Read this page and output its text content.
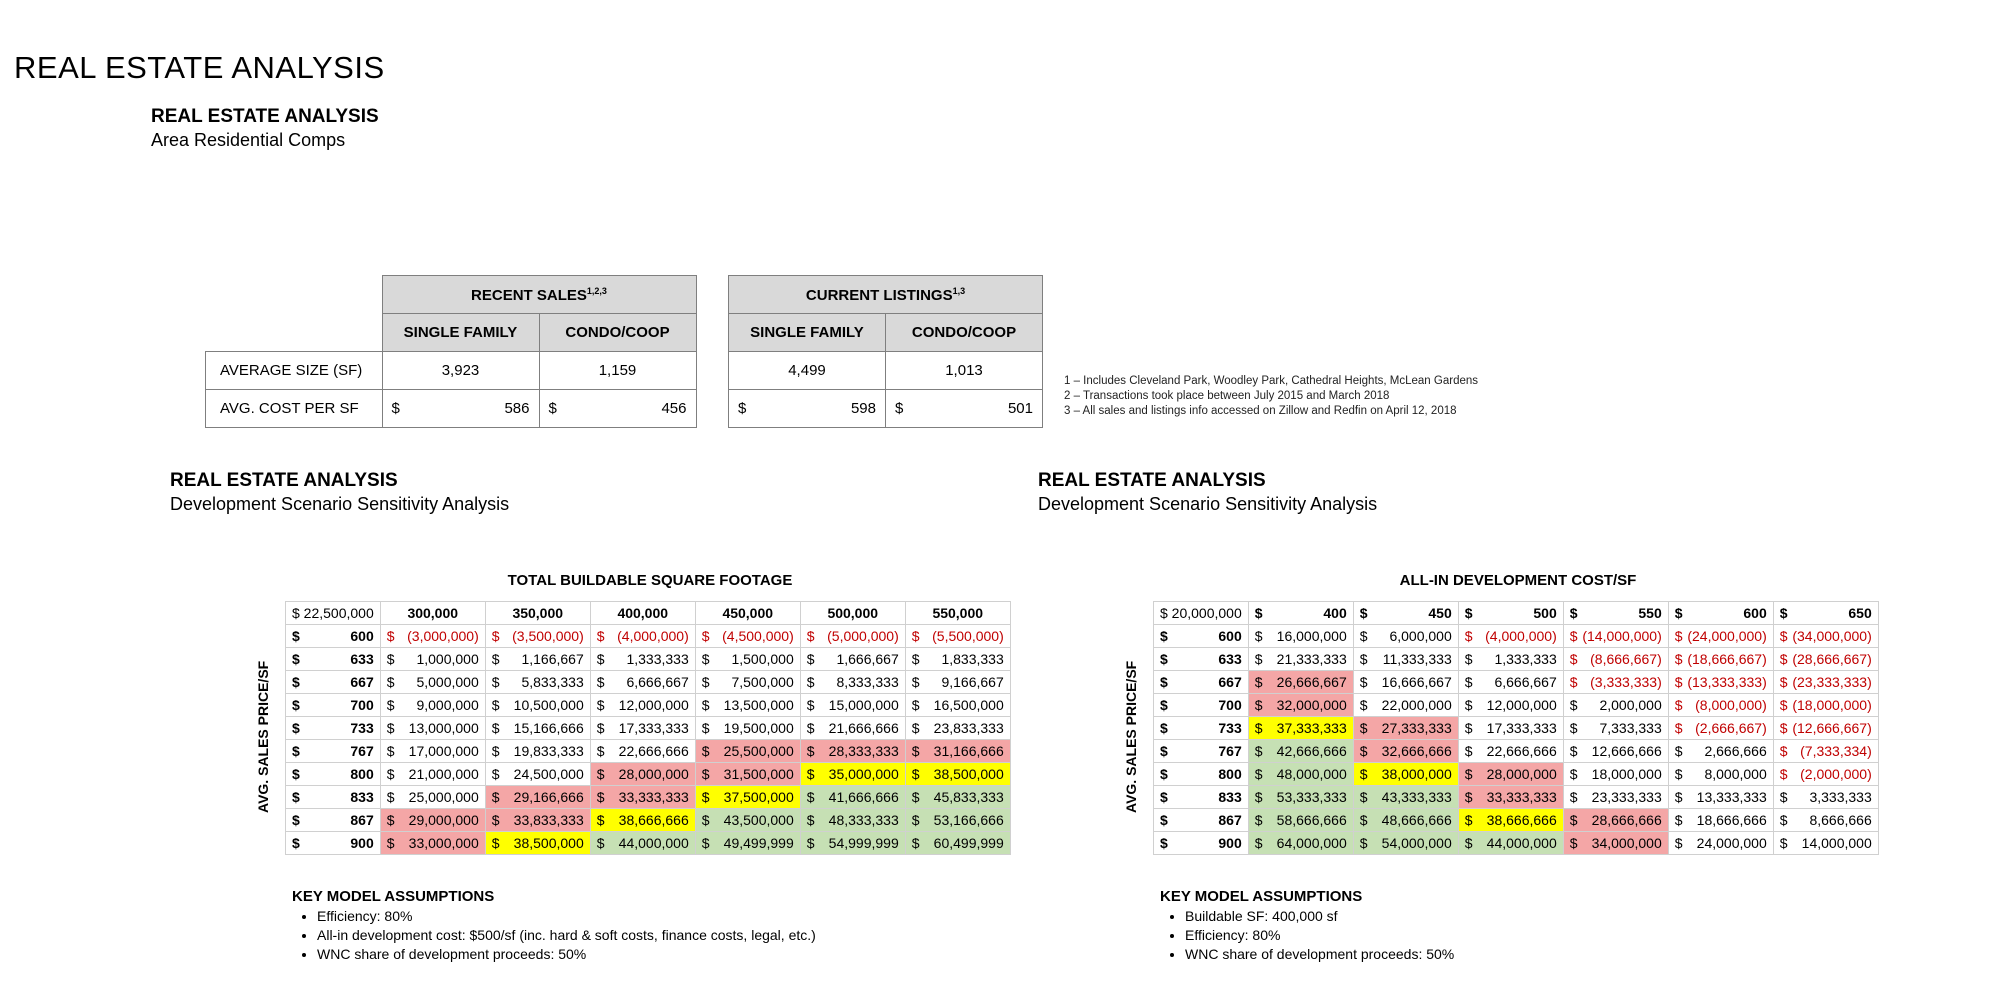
REAL ESTATE ANALYSIS
REAL ESTATE ANALYSIS
Area Residential Comps
	RECENT SALES$^{1,2,3}$
	SINGLE FAMILY	CONDO/COOP
AVERAGE SIZE (SF)	3,923	1,159
AVG. COST PER SF	$ 586	$ 456
CURRENT LISTINGS$^{1,3}$
SINGLE FAMILY	CONDO/COOP
4,499	1,013

$ 598	$ 501
1 – Includes Cleveland Park, Woodley Park, Cathedral Heights, McLean Gardens
2 – Transactions took place between July 2015 and March 2018
3 – All sales and listings info accessed on Zillow and Redfin on April 12, 2018
REAL ESTATE ANALYSIS
Development Scenario Sensitivity Analysis
TOTAL BUILDABLE SQUARE FOOTAGE
AVG. SALES PRICE/SF
$ 22,500,000	300,000	350,000	400,000	450,000	500,000	550,000

$ 600	$ (3,000,000)	$ (3,500,000)	$ (4,000,000)	$ (4,500,000)	$ (5,000,000)	$ (5,500,000)

$ 633	$ 1,000,000	$ 1,166,667	$ 1,333,333	$ 1,500,000	$ 1,666,667	$ 1,833,333

$ 667	$ 5,000,000	$ 5,833,333	$ 6,666,667	$ 7,500,000	$ 8,333,333	$ 9,166,667

$ 700	$ 9,000,000	$ 10,500,000	$ 12,000,000	$ 13,500,000	$ 15,000,000	$ 16,500,000

$ 733	$ 13,000,000	$ 15,166,666	$ 17,333,333	$ 19,500,000	$ 21,666,666	$ 23,833,333

$ 767	$ 17,000,000	$ 19,833,333	$ 22,666,666	$ 25,500,000	$ 28,333,333	$ 31,166,666

$ 800	$ 21,000,000	$ 24,500,000	$ 28,000,000	$ 31,500,000	$ 35,000,000	$ 38,500,000

$ 833	$ 25,000,000	$ 29,166,666	$ 33,333,333	$ 37,500,000	$ 41,666,666	$ 45,833,333

$ 867	$ 29,000,000	$ 33,833,333	$ 38,666,666	$ 43,500,000	$ 48,333,333	$ 53,166,666

$ 900	$ 33,000,000	$ 38,500,000	$ 44,000,000	$ 49,499,999	$ 54,999,999	$ 60,499,999
KEY MODEL ASSUMPTIONS
• Efficiency: 80%
• All-in development cost: $500/sf (inc. hard & soft costs, finance costs, legal, etc.)
• WNC share of development proceeds: 50%
REAL ESTATE ANALYSIS
Development Scenario Sensitivity Analysis
ALL-IN DEVELOPMENT COST/SF
AVG. SALES PRICE/SF
$ 20,000,000	$ 400	$ 450	$ 500	$ 550	$ 600	$ 650

$ 600	$ 16,000,000	$ 6,000,000	$ (4,000,000)	$ (14,000,000)	$ (24,000,000)	$ (34,000,000)

$ 633	$ 21,333,333	$ 11,333,333	$ 1,333,333	$ (8,666,667)	$ (18,666,667)	$ (28,666,667)

$ 667	$ 26,666,667	$ 16,666,667	$ 6,666,667	$ (3,333,333)	$ (13,333,333)	$ (23,333,333)

$ 700	$ 32,000,000	$ 22,000,000	$ 12,000,000	$ 2,000,000	$ (8,000,000)	$ (18,000,000)

$ 733	$ 37,333,333	$ 27,333,333	$ 17,333,333	$ 7,333,333	$ (2,666,667)	$ (12,666,667)

$ 767	$ 42,666,666	$ 32,666,666	$ 22,666,666	$ 12,666,666	$ 2,666,666	$ (7,333,334)

$ 800	$ 48,000,000	$ 38,000,000	$ 28,000,000	$ 18,000,000	$ 8,000,000	$ (2,000,000)

$ 833	$ 53,333,333	$ 43,333,333	$ 33,333,333	$ 23,333,333	$ 13,333,333	$ 3,333,333

$ 867	$ 58,666,666	$ 48,666,666	$ 38,666,666	$ 28,666,666	$ 18,666,666	$ 8,666,666

$ 900	$ 64,000,000	$ 54,000,000	$ 44,000,000	$ 34,000,000	$ 24,000,000	$ 14,000,000
KEY MODEL ASSUMPTIONS
• Buildable SF: 400,000 sf
• Efficiency: 80%
• WNC share of development proceeds: 50%
